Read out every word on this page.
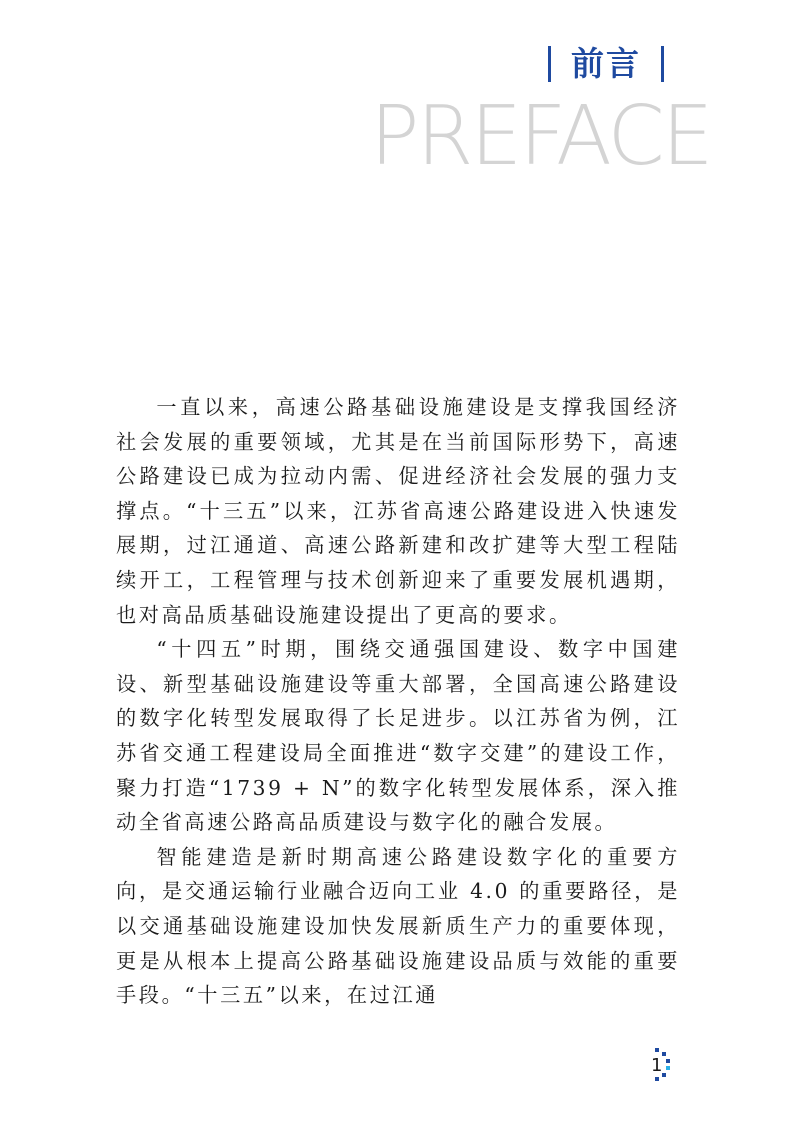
前言
PREFACE

一直以来，高速公路基础设施建设是支撑我国经济社会发展的重要领域，尤其是在当前国际形势下，高速公路建设已成为拉动内需、促进经济社会发展的强力支撑点。“十三五”以来，江苏省高速公路建设进入快速发展期，过江通道、高速公路新建和改扩建等大型工程陆续开工，工程管理与技术创新迎来了重要发展机遇期，也对高品质基础设施建设提出了更高的要求。

“十四五”时期，围绕交通强国建设、数字中国建设、新型基础设施建设等重大部署，全国高速公路建设的数字化转型发展取得了长足进步。以江苏省为例，江苏省交通工程建设局全面推进“数字交建”的建设工作，聚力打造“1739 + N”的数字化转型发展体系，深入推动全省高速公路高品质建设与数字化的融合发展。

智能建造是新时期高速公路建设数字化的重要方向，是交通运输行业融合迈向工业 4.0 的重要路径，是以交通基础设施建设加快发展新质生产力的重要体现，更是从根本上提高公路基础设施建设品质与效能的重要手段。“十三五”以来，在过江通

1
